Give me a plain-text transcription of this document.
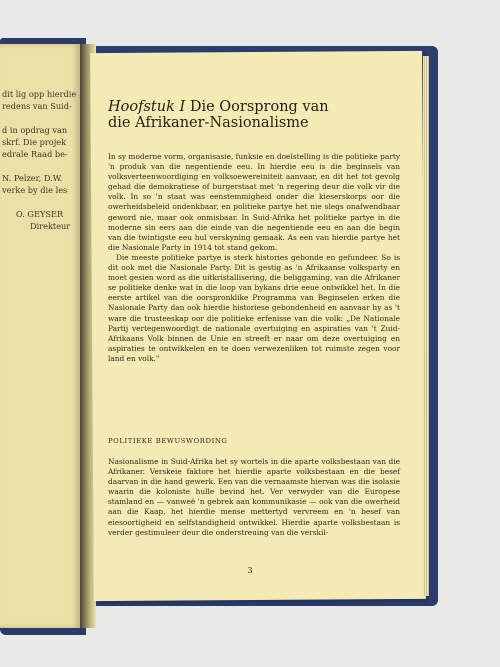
dit lig opp hierdie
redens van Suid-
d in opdrag van
skrf. Die projek
edrale Raad be-
N. Pelzer, D.W.
verke by die les
O. GEYSER
Direkteur
Hoofstuk I Die Oorsprong van
die Afrikaner-Nasionalisme

In sy moderne vorm, organisasie, funksie en doelstelling is die politieke party 'n produk van die negentiende eeu. In hierdie eeu is die beginsels van volksverteenwoordiging en volksoewereiniteit aanvaar, en dit het tot gevolg gehad die demokratiese of burgerstaat met 'n regering deur die volk vir die volk. In so 'n staat was eenstemmigheid onder die kieserskorps oor die owerheidsbeleid ondenkbaar, en politieke partye het nie slegs onafwendbaar geword nie, maar ook onmisbaar. In Suid-Afrika het politieke partye in die moderne sin eers aan die einde van die negentiende eeu en aan die begin van die twintigste eeu hul verskyning gemaak. As een van hierdie partye het die Nasionale Party in 1914 tot stand gekom.

Die meeste politieke partye is sterk histories gebonde en gefundeer. So is dit ook met die Nasionale Party. Dit is gestig as 'n Afrikaanse volksparty en moet gesien word as die uitkristallisering, die beliggaming, van die Afrikaner se politieke denke wat in die loop van bykans drie eeue ontwikkel het. In die eerste artikel van die oorspronklike Programma van Beginselen erken die Nasionale Party dan ook hierdie historiese gebondenheid en aanvaar hy as 't ware die trusteeskap oor die politieke erfenisse van die volk: „De Nationale Partij vertegenwoordigt de nationale overtuiging en aspiraties van 't Zuid-Afrikaans Volk binnen de Unie en streeft er naar om deze overtuiging en aspiraties te ontwikkelen en te doen verwezenliken tot ruimste zegen voor land en volk."

POLITIEKE BEWUSWORDING

Nasionalisme in Suid-Afrika het sy wortels in die aparte volksbestaan van die Afrikaner. Verskeie faktore het hierdie aparte volksbestaan en die besef daarvan in die hand gewerk. Een van die vernaamste hiervan was die isolasie waarin die koloniste hulle bevind het. Ver verwyder van die Europese stamland en — vanweë 'n gebrek aan kommunikasie — ook van die owerheid aan die Kaap, het hierdie mense mettertyd vervreem en 'n besef van eiesoortigheid en selfstandigheid ontwikkel. Hierdie aparte volksbestaan is verder gestimuleer deur die onderstreuing van die verskil-

3
